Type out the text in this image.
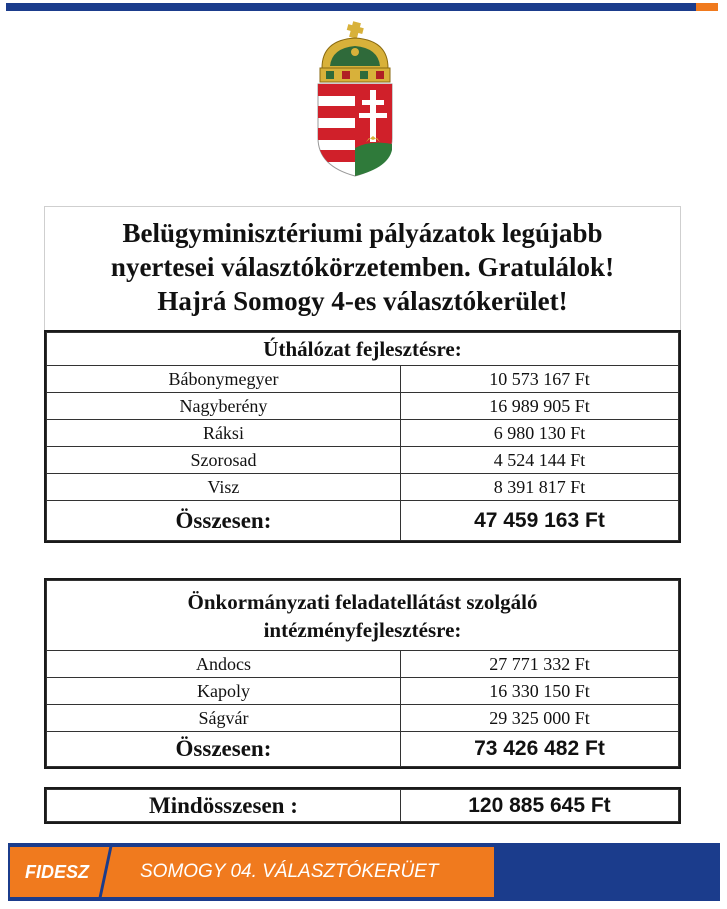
Belügyminisztériumi pályázatok legújabb
nyertesei választókörzetemben. Gratulálok!
Hajrá Somogy 4-es választókerület!
Úthálózat fejlesztésre:	
Bábonymegyer	10 573 167 Ft
Nagyberény	16 989 905 Ft
Ráksi	6 980 130 Ft
Szorosad	4 524 144 Ft
Visz	8 391 817 Ft
Összesen:	47 459 163 Ft
Önkormányzati feladatellátást szolgáló
intézményfejlesztésre:	

Andocs	27 771 332 Ft
Kapoly	16 330 150 Ft
Ságvár	29 325 000 Ft
Összesen:	73 426 482 Ft
Mindösszesen :	120 885 645 Ft
FIDESZ	SOMOGY 04. VÁLASZTÓKERÜET
